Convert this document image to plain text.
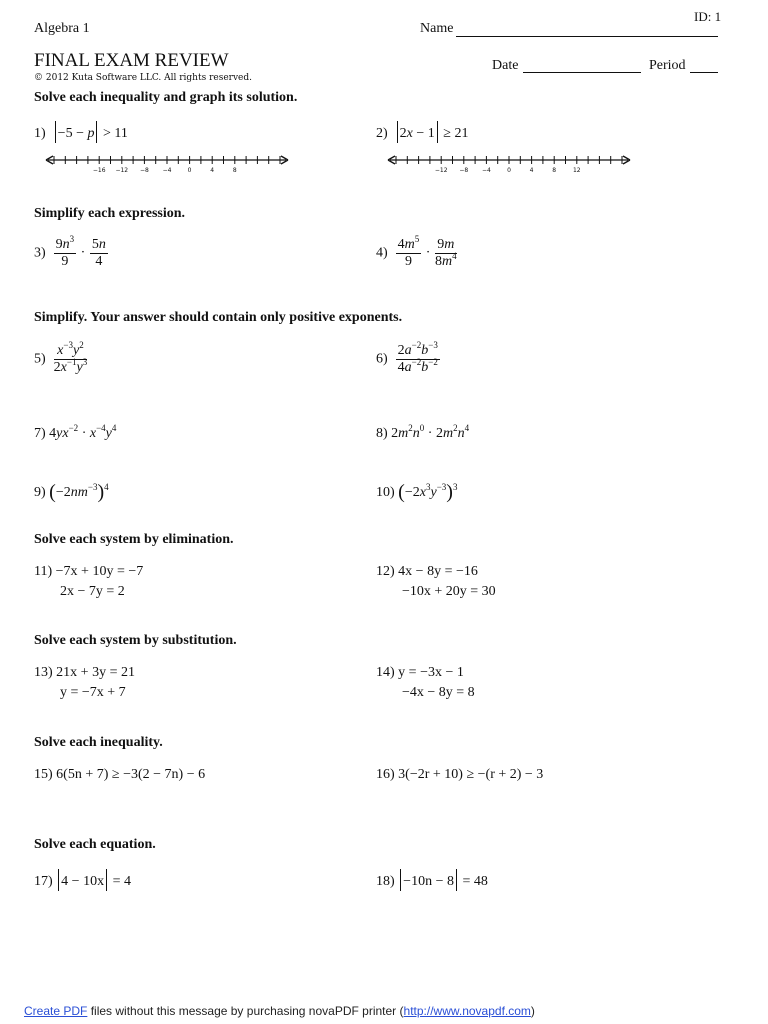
ID: 1
Algebra 1	Name
FINAL EXAM REVIEW
© 2012 Kuta Software LLC. All rights reserved.
Date	Period
Solve each inequality and graph its solution.
1) −5 − p > 11	2) 2x − 1 ≥ 21
−16	−12	−8	−4	0	4	8	−12	−8	−4	0	4	8	12
Simplify each expression.
$3) \frac{9n^3}{9} \cdot \frac{5n}{4}$	$4) \frac{4m^5}{9} \cdot \frac{9m}{8m^4}$
Simplify. Your answer should contain only positive exponents.
$5) \frac{x^{-3}y^2}{2x^{-1}y^3}$	$6) \frac{2a^{-2}b^{-3}}{4a^{-2}b^{-2}}$
7) $4yx^{-2} \cdot x^{-4}y^4$	8) $2m^2n^0 \cdot 2m^2n^4$
9) $(-2nm^{-3})^4$	10) $(-2x^3y^{-3})^3$
Solve each system by elimination.
11) −7x + 10y = −7
2x − 7y = 2
12) 4x − 8y = −16
−10x + 20y = 30
Solve each system by substitution.
13) 21x + 3y = 21
y = −7x + 7
14) y = −3x − 1
−4x − 8y = 8
Solve each inequality.
15) 6(5n + 7) ≥ −3(2 − 7n) − 6	16) 3(−2r + 10) ≥ −(r + 2) − 3
Solve each equation.
17) 4 − 10x = 4	18) −10n − 8 = 48
Create PDF files without this message by purchasing novaPDF printer (http://www.novapdf.com)
